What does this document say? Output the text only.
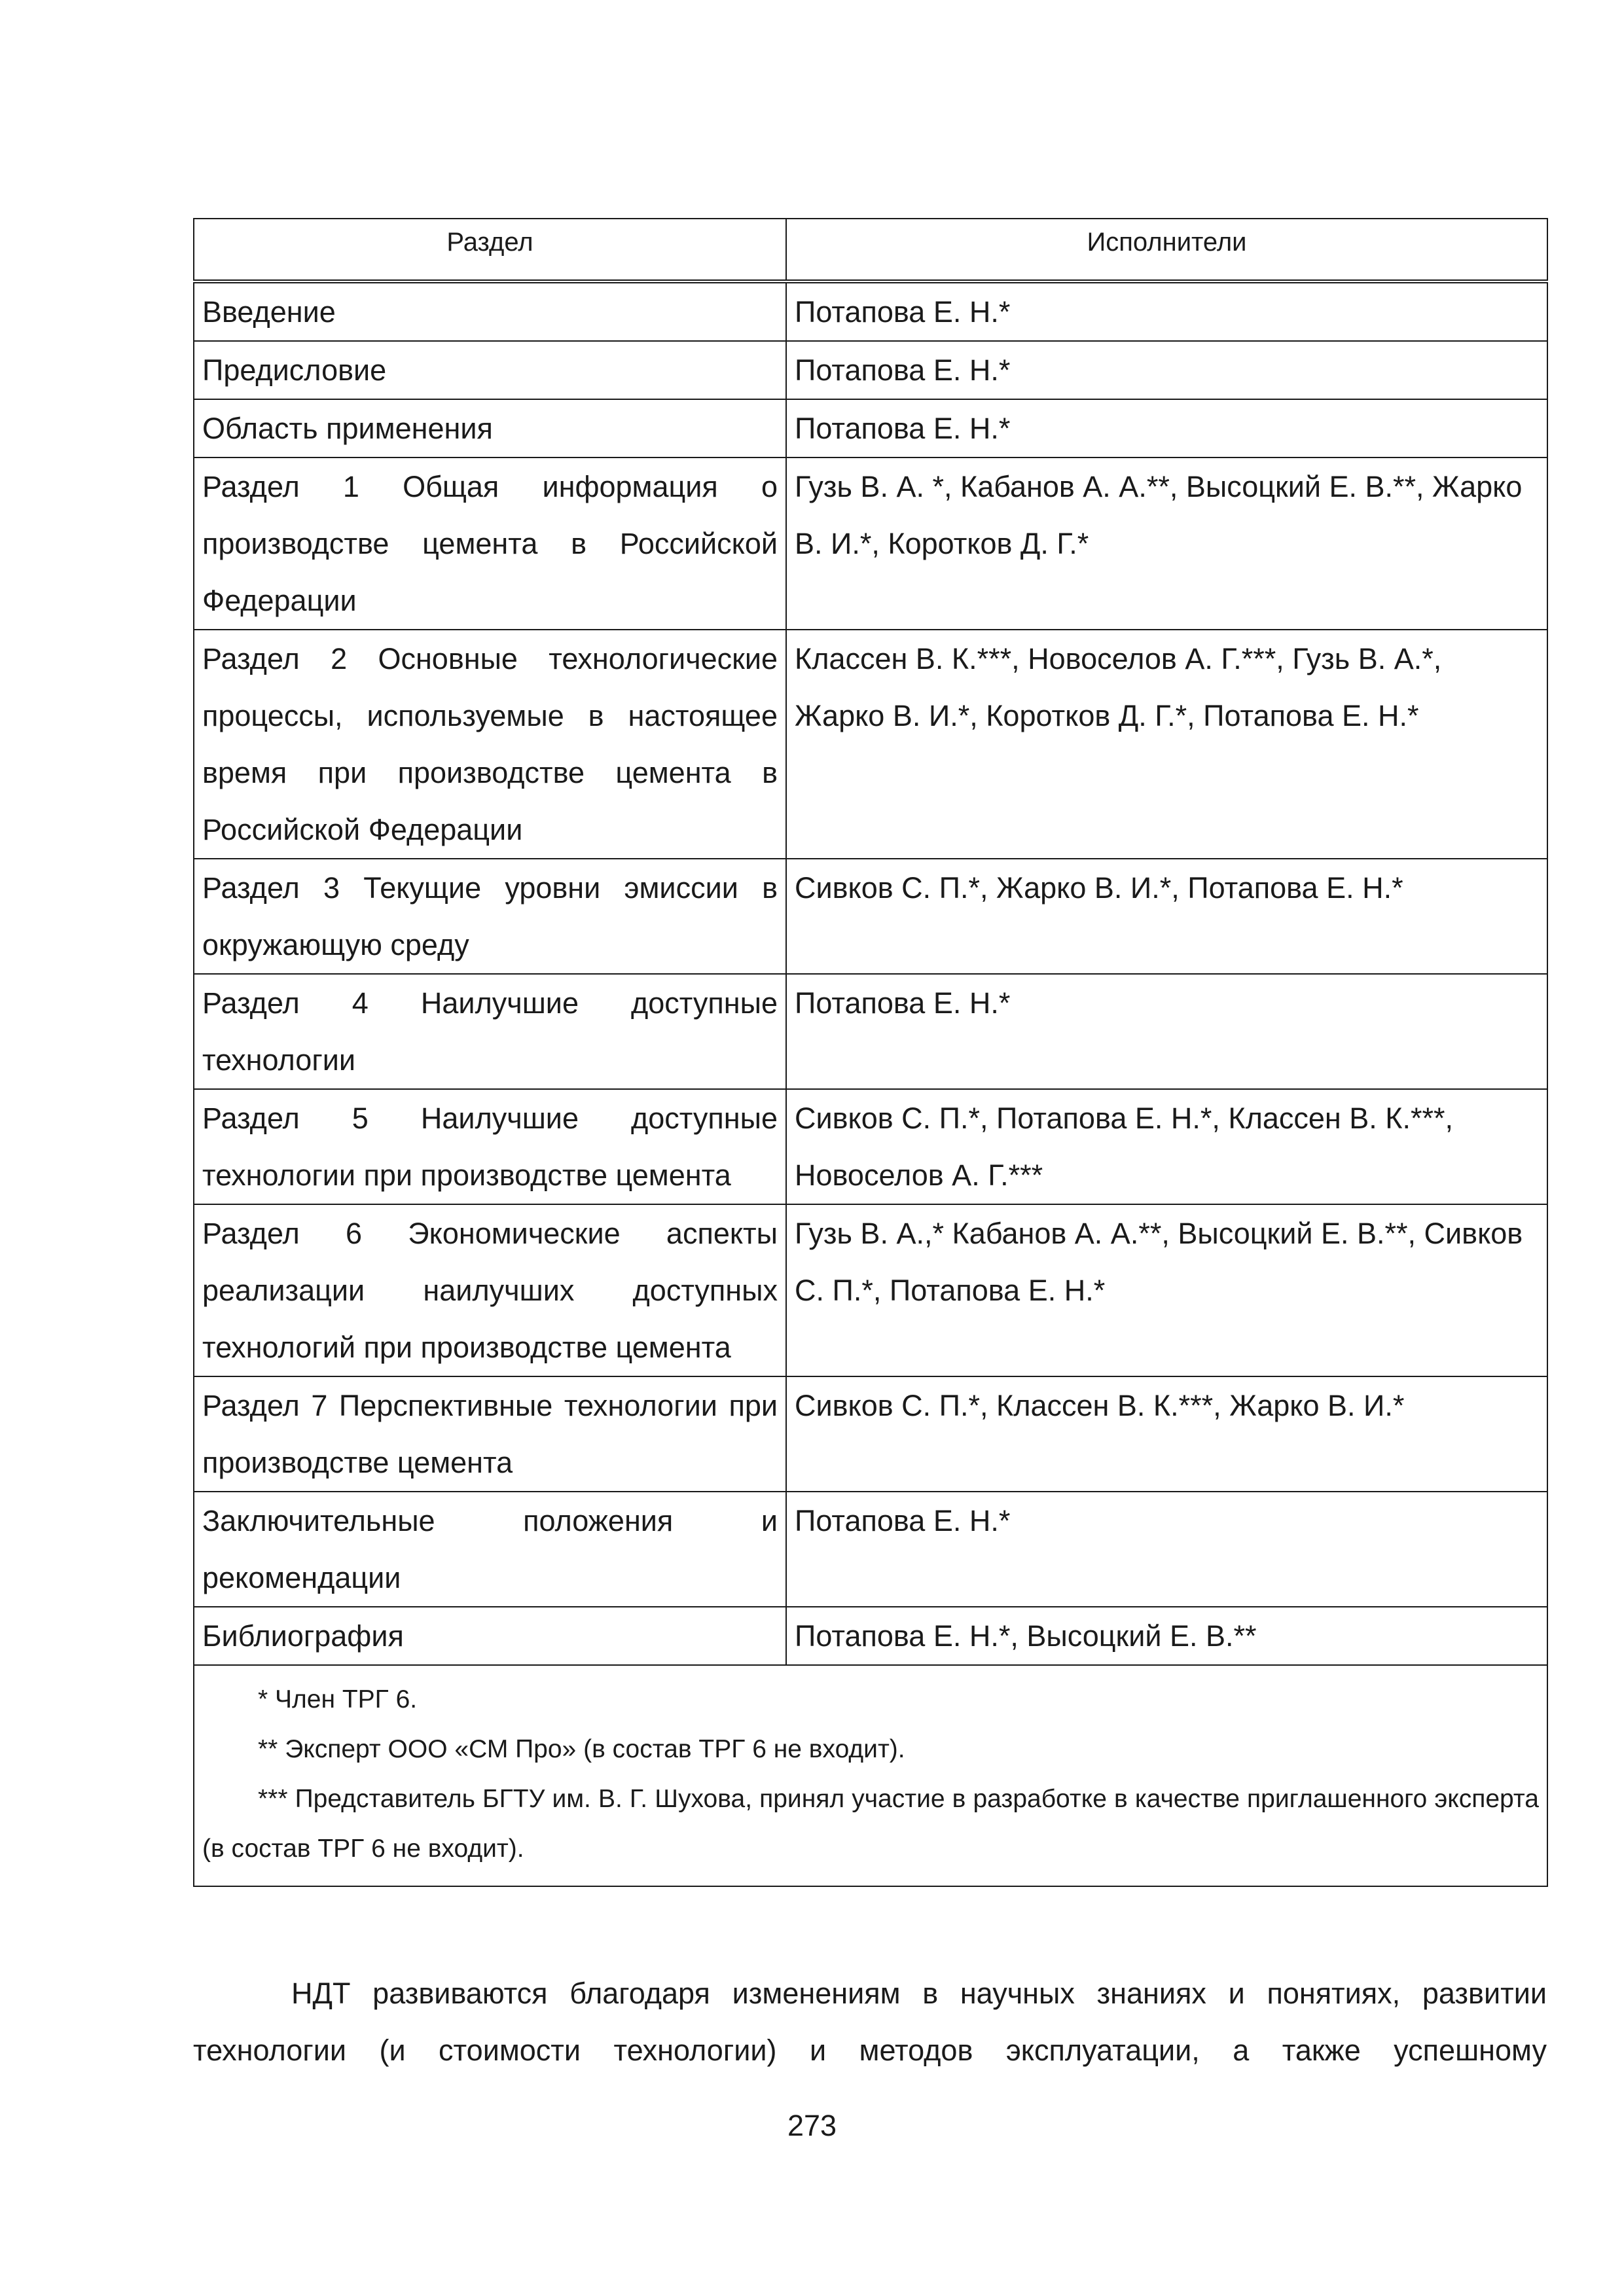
Раздел	Исполнители
Введение	Потапова Е. Н.*
Предисловие	Потапова Е. Н.*
Область применения	Потапова Е. Н.*
Раздел 1 Общая информация о производстве цемента в Российской Федерации	Гузь В. А. *, Кабанов А. А.**, Высоцкий Е. В.**, Жарко В. И.*, Коротков Д. Г.*
Раздел 2 Основные технологические процессы, используемые в настоящее время при производстве цемента в Российской Федерации	Классен В. К.***, Новоселов А. Г.***, Гузь В. А.*, Жарко В. И.*, Коротков Д. Г.*, Потапова Е. Н.*
Раздел 3 Текущие уровни эмиссии в окружающую среду	Сивков С. П.*, Жарко В. И.*, Потапова Е. Н.*
Раздел 4 Наилучшие доступные технологии	Потапова Е. Н.*
Раздел 5 Наилучшие доступные технологии при производстве цемента	Сивков С. П.*, Потапова Е. Н.*, Классен В. К.***, Новоселов А. Г.***
Раздел 6 Экономические аспекты реализации наилучших доступных технологий при производстве цемента	Гузь В. А.,* Кабанов А. А.**, Высоцкий Е. В.**, Сивков С. П.*, Потапова Е. Н.*
Раздел 7 Перспективные технологии при производстве цемента	Сивков С. П.*, Классен В. К.***, Жарко В. И.*
Заключительные положения и рекомендации	Потапова Е. Н.*
Библиография	Потапова Е. Н.*, Высоцкий Е. В.**

* Член ТРГ 6.
** Эксперт ООО «СМ Про» (в состав ТРГ 6 не входит).
*** Представитель БГТУ им. В. Г. Шухова, принял участие в разработке в качестве приглашенного эксперта (в состав ТРГ 6 не входит).	
НДТ развиваются благодаря изменениям в научных знаниях и понятиях, развитии технологии (и стоимости технологии) и методов эксплуатации, а также успешному
273
